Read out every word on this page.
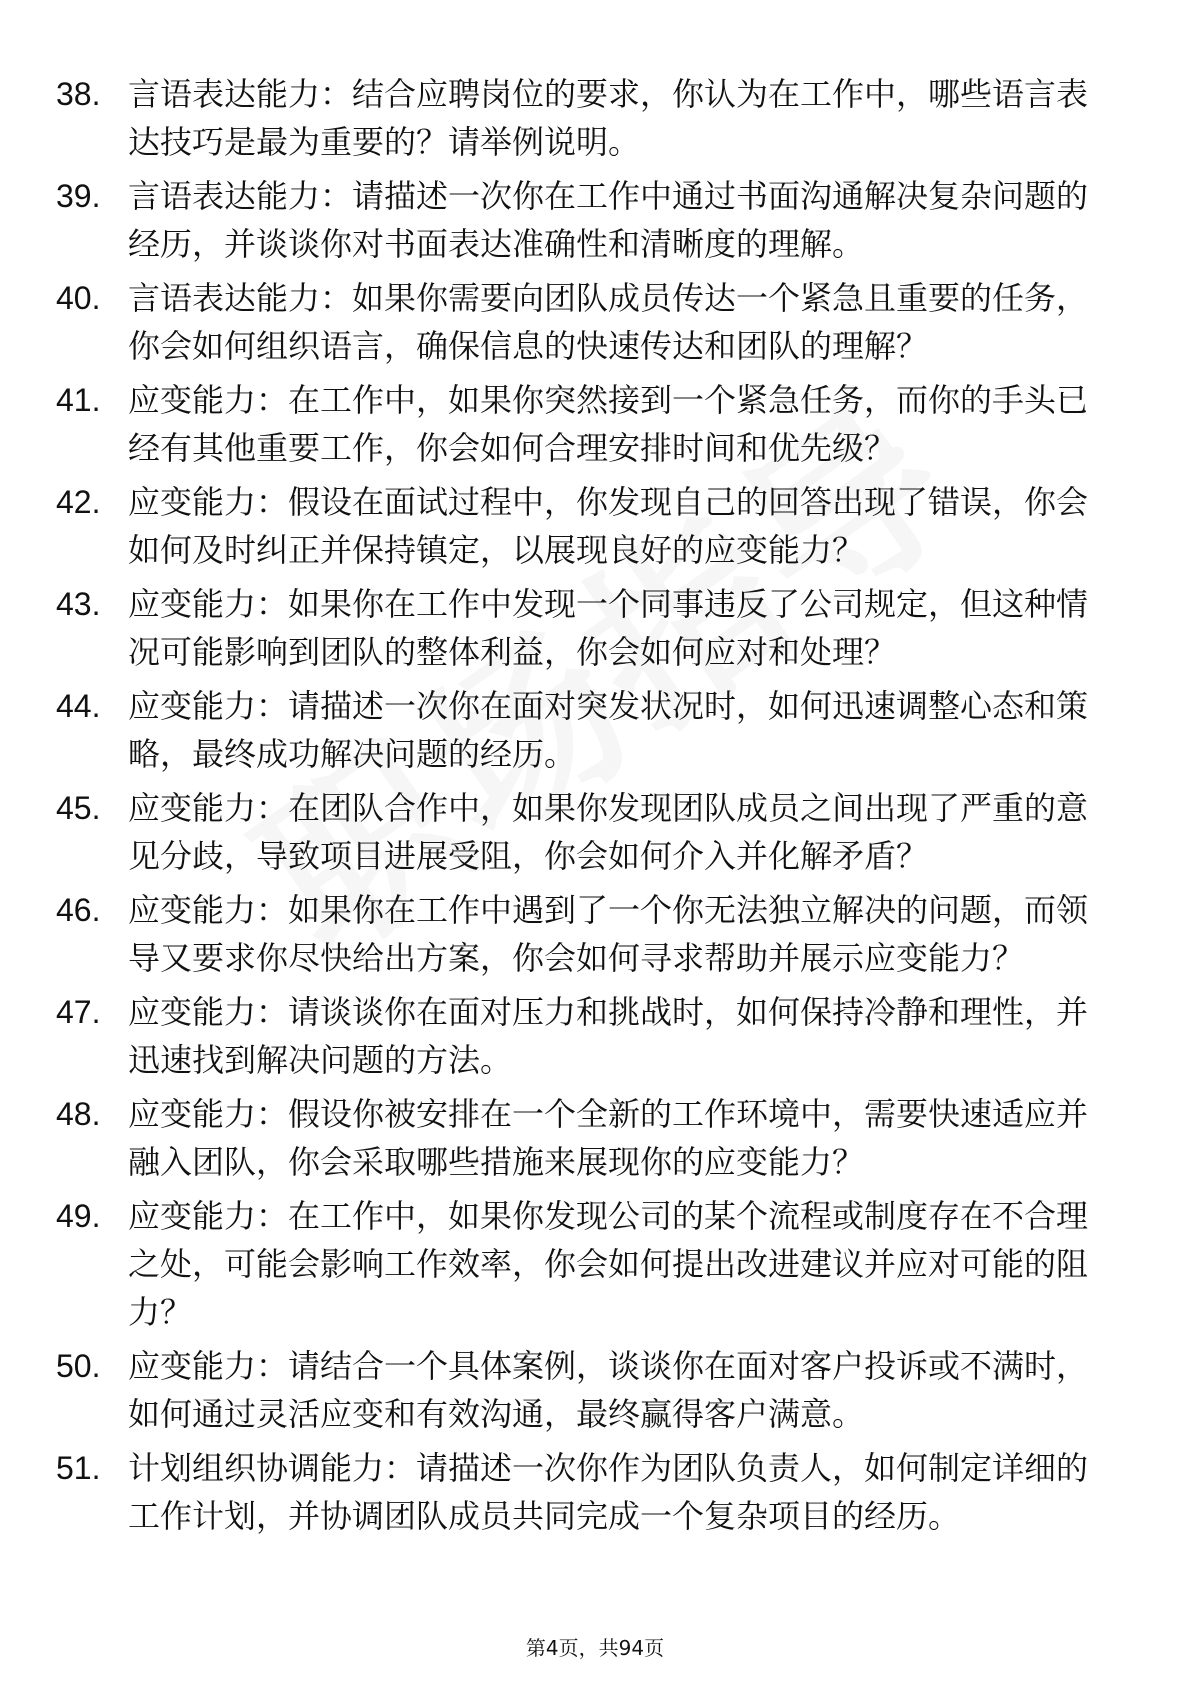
38. 言语表达能力：结合应聘岗位的要求，你认为在工作中，哪些语言表达技巧是最为重要的？请举例说明。
39. 言语表达能力：请描述一次你在工作中通过书面沟通解决复杂问题的经历，并谈谈你对书面表达准确性和清晰度的理解。
40. 言语表达能力：如果你需要向团队成员传达一个紧急且重要的任务，你会如何组织语言，确保信息的快速传达和团队的理解？
41. 应变能力：在工作中，如果你突然接到一个紧急任务，而你的手头已经有其他重要工作，你会如何合理安排时间和优先级？
42. 应变能力：假设在面试过程中，你发现自己的回答出现了错误，你会如何及时纠正并保持镇定，以展现良好的应变能力？
43. 应变能力：如果你在工作中发现一个同事违反了公司规定，但这种情况可能影响到团队的整体利益，你会如何应对和处理？
44. 应变能力：请描述一次你在面对突发状况时，如何迅速调整心态和策略，最终成功解决问题的经历。
45. 应变能力：在团队合作中，如果你发现团队成员之间出现了严重的意见分歧，导致项目进展受阻，你会如何介入并化解矛盾？
46. 应变能力：如果你在工作中遇到了一个你无法独立解决的问题，而领导又要求你尽快给出方案，你会如何寻求帮助并展示应变能力？
47. 应变能力：请谈谈你在面对压力和挑战时，如何保持冷静和理性，并迅速找到解决问题的方法。
48. 应变能力：假设你被安排在一个全新的工作环境中，需要快速适应并融入团队，你会采取哪些措施来展现你的应变能力？
49. 应变能力：在工作中，如果你发现公司的某个流程或制度存在不合理之处，可能会影响工作效率，你会如何提出改进建议并应对可能的阻力？
50. 应变能力：请结合一个具体案例，谈谈你在面对客户投诉或不满时，如何通过灵活应变和有效沟通，最终赢得客户满意。
51. 计划组织协调能力：请描述一次你作为团队负责人，如何制定详细的工作计划，并协调团队成员共同完成一个复杂项目的经历。
第4页，共94页
